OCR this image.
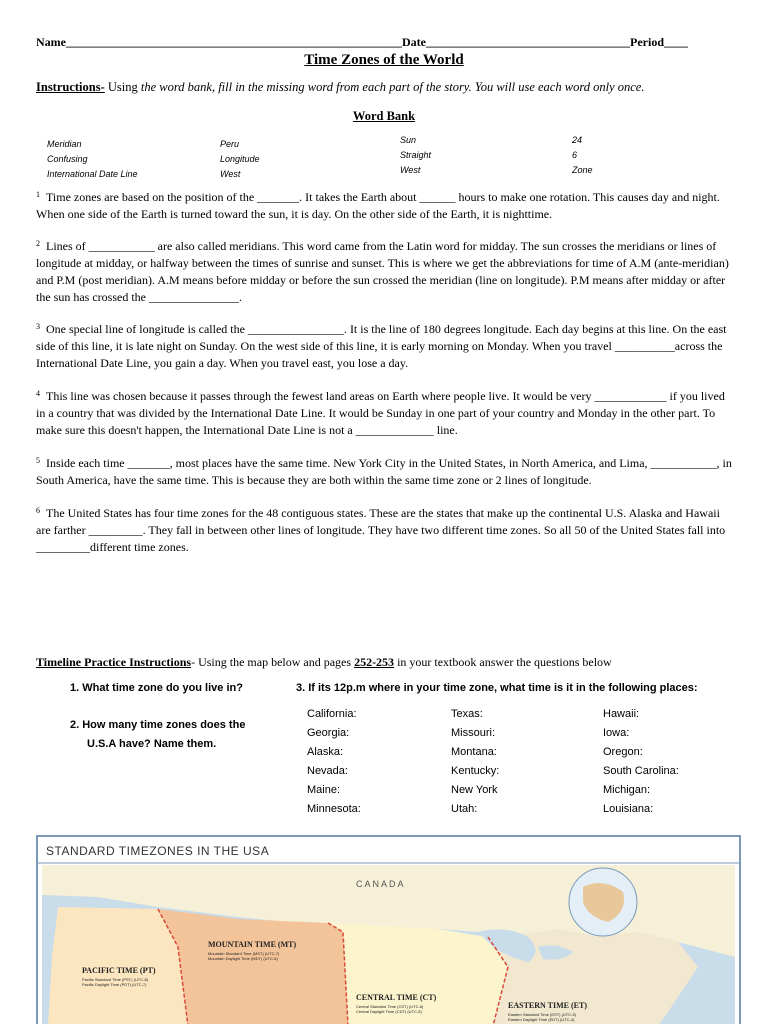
Name________________________________________________________Date__________________________________Period____
Time Zones of the World
Instructions- Using the word bank, fill in the missing word from each part of the story. You will use each word only once.
Word Bank
Meridian
Confusing
International Date Line
Peru
Longitude
West
Sun
Straight
West
24
6
Zone
$^1$ Time zones are based on the position of the _______. It takes the Earth about ______ hours to make one rotation. This causes day and night. When one side of the Earth is turned toward the sun, it is day. On the other side of the Earth, it is nighttime.
$^2$ Lines of ___________ are also called meridians. This word came from the Latin word for midday. The sun crosses the meridians or lines of longitude at midday, or halfway between the times of sunrise and sunset. This is where we get the abbreviations for time of A.M (ante-meridian) and P.M (post meridian). A.M means before midday or before the sun crossed the meridian (line on longitude). P.M means after midday or after the sun has crossed the _______________.
$^3$ One special line of longitude is called the ________________. It is the line of 180 degrees longitude. Each day begins at this line. On the east side of this line, it is late night on Sunday. On the west side of this line, it is early morning on Monday. When you travel __________across the International Date Line, you gain a day. When you travel east, you lose a day.
$^4$ This line was chosen because it passes through the fewest land areas on Earth where people live. It would be very ____________ if you lived in a country that was divided by the International Date Line. It would be Sunday in one part of your country and Monday in the other part. To make sure this doesn't happen, the International Date Line is not a _____________ line.
$^5$ Inside each time _______, most places have the same time. New York City in the United States, in North America, and Lima, ___________, in South America, have the same time. This is because they are both within the same time zone or 2 lines of longitude.
$^6$ The United States has four time zones for the 48 contiguous states. These are the states that make up the continental U.S. Alaska and Hawaii are farther _________. They fall in between other lines of longitude. They have two different time zones. So all 50 of the United States fall into _________different time zones.
Timeline Practice Instructions- Using the map below and pages 252-253 in your textbook answer the questions below
1. What time zone do you live in?
2. How many time zones does the
U.S.A have? Name them.
3. If its 12p.m where in your time zone, what time is it in the following places:
California:
Georgia:
Alaska:
Nevada:
Maine:
Minnesota:
Texas:
Missouri:
Montana:
Kentucky:
New York
Utah:
Hawaii:
Iowa:
Oregon:
South Carolina:
Michigan:
Louisiana:
STANDARD TIMEZONES IN THE USA
CANADA
MOUNTAIN TIME (MT)
Mountain Standard Time (MST) (UTC-7)
Mountain Daylight Time (MDT) (UTC-6)
PACIFIC TIME (PT)
Pacific Standard Time (PST) (UTC-8)
Pacific Daylight Time (PDT) (UTC-7)
CENTRAL TIME (CT)
Central Standard Time (CST) (UTC-6)
Central Daylight Time (CDT) (UTC-5)
EASTERN TIME (ET)
Eastern Standard Time (EST) (UTC-5)
Eastern Daylight Time (EDT) (UTC-4)
